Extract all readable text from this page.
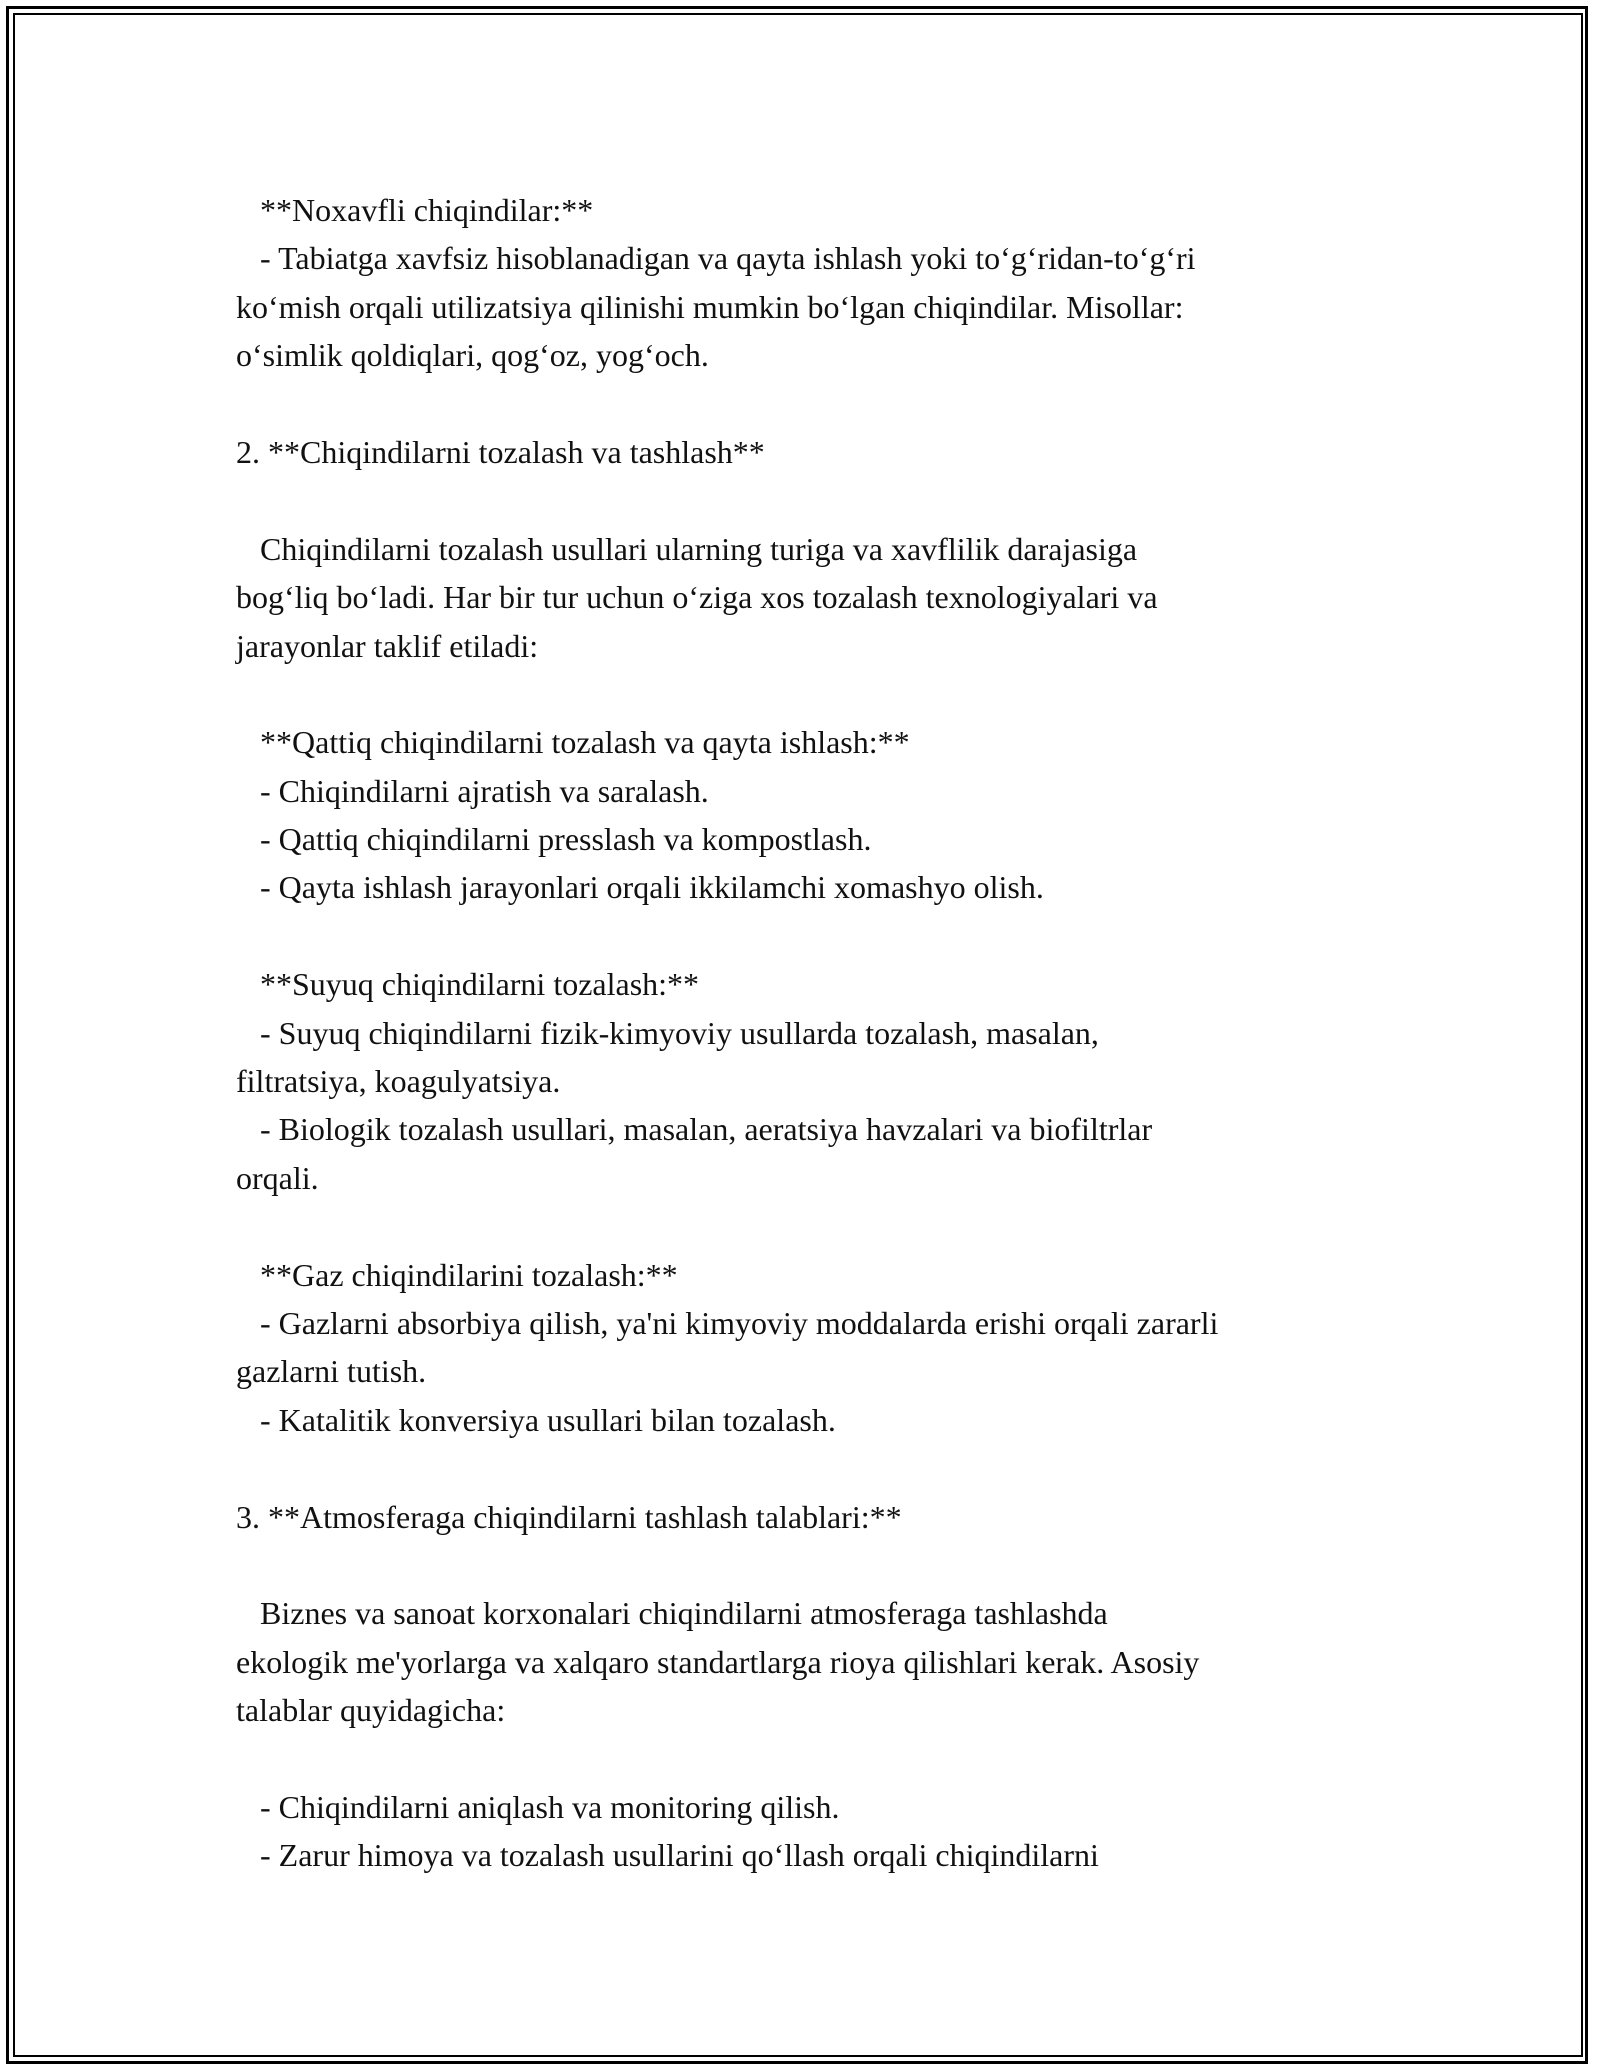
**Noxavfli chiqindilar:**

- Tabiatga xavfsiz hisoblanadigan va qayta ishlash yoki to‘g‘ridan-to‘g‘ri

ko‘mish orqali utilizatsiya qilinishi mumkin bo‘lgan chiqindilar. Misollar:

o‘simlik qoldiqlari, qog‘oz, yog‘och.

2. **Chiqindilarni tozalash va tashlash**

Chiqindilarni tozalash usullari ularning turiga va xavflilik darajasiga

bog‘liq bo‘ladi. Har bir tur uchun o‘ziga xos tozalash texnologiyalari va

jarayonlar taklif etiladi:

**Qattiq chiqindilarni tozalash va qayta ishlash:**

- Chiqindilarni ajratish va saralash.

- Qattiq chiqindilarni presslash va kompostlash.

- Qayta ishlash jarayonlari orqali ikkilamchi xomashyo olish.

**Suyuq chiqindilarni tozalash:**

- Suyuq chiqindilarni fizik-kimyoviy usullarda tozalash, masalan,

filtratsiya, koagulyatsiya.

- Biologik tozalash usullari, masalan, aeratsiya havzalari va biofiltrlar

orqali.

**Gaz chiqindilarini tozalash:**

- Gazlarni absorbiya qilish, ya'ni kimyoviy moddalarda erishi orqali zararli

gazlarni tutish.

- Katalitik konversiya usullari bilan tozalash.

3. **Atmosferaga chiqindilarni tashlash talablari:**

Biznes va sanoat korxonalari chiqindilarni atmosferaga tashlashda

ekologik me'yorlarga va xalqaro standartlarga rioya qilishlari kerak. Asosiy

talablar quyidagicha:

- Chiqindilarni aniqlash va monitoring qilish.

- Zarur himoya va tozalash usullarini qo‘llash orqali chiqindilarni
